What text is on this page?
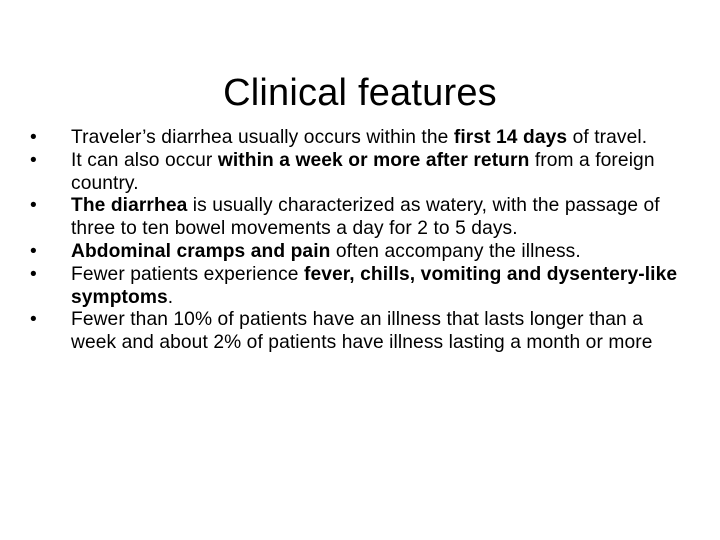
Clinical features
•	Traveler’s diarrhea usually occurs within the first 14 days of travel.
•	It can also occur within a week or more after return from a foreign country.
•	The diarrhea is usually characterized as watery, with the passage of three to ten bowel movements a day for 2 to 5 days.
•	Abdominal cramps and pain often accompany the illness.
•	Fewer patients experience fever, chills, vomiting and dysentery-like symptoms.
•	Fewer than 10% of patients have an illness that lasts longer than a week and about 2% of patients have illness lasting a month or more
